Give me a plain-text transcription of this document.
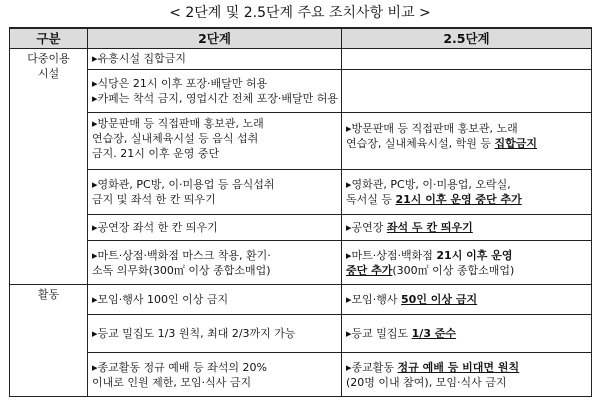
< 2단계 및 2.5단계 주요 조치사항 비교 >
구분	2단계	2.5단계

다중이용
시설	▸유흥시설 집합금지	

	▸식당은 21시 이후 포장·배달만 허용
▸카페는 착석 금지, 영업시간 전체 포장·배달만 허용	

	▸방문판매 등 직접판매 홍보관, 노래
연습장, 실내체육시설 등 음식 섭취
금지. 21시 이후 운영 중단	▸방문판매 등 직접판매 홍보관, 노래
연습장, 실내체육시설, 학원 등 집합금지

	▸영화관, PC방, 이·미용업 등 음식섭취
금지 및 좌석 한 칸 띄우기	▸영화관, PC방, 이·미용업, 오락실,
독서실 등 21시 이후 운영 중단 추가

	▸공연장 좌석 한 칸 띄우기	▸공연장 좌석 두 칸 띄우기

	▸마트·상점·백화점 마스크 착용, 환기·
소독 의무화(300㎡ 이상 종합소매업)	▸마트·상점·백화점 21시 이후 운영
중단 추가(300㎡ 이상 종합소매업)

활동	▸모임·행사 100인 이상 금지	▸모임·행사 50인 이상 금지

	▸등교 밀집도 1/3 원칙, 최대 2/3까지 가능	▸등교 밀집도 1/3 준수

	▸종교활동 정규 예배 등 좌석의 20%
이내로 인원 제한, 모임·식사 금지	▸종교활동 정규 예배 등 비대면 원칙
(20명 이내 참여), 모임·식사 금지
